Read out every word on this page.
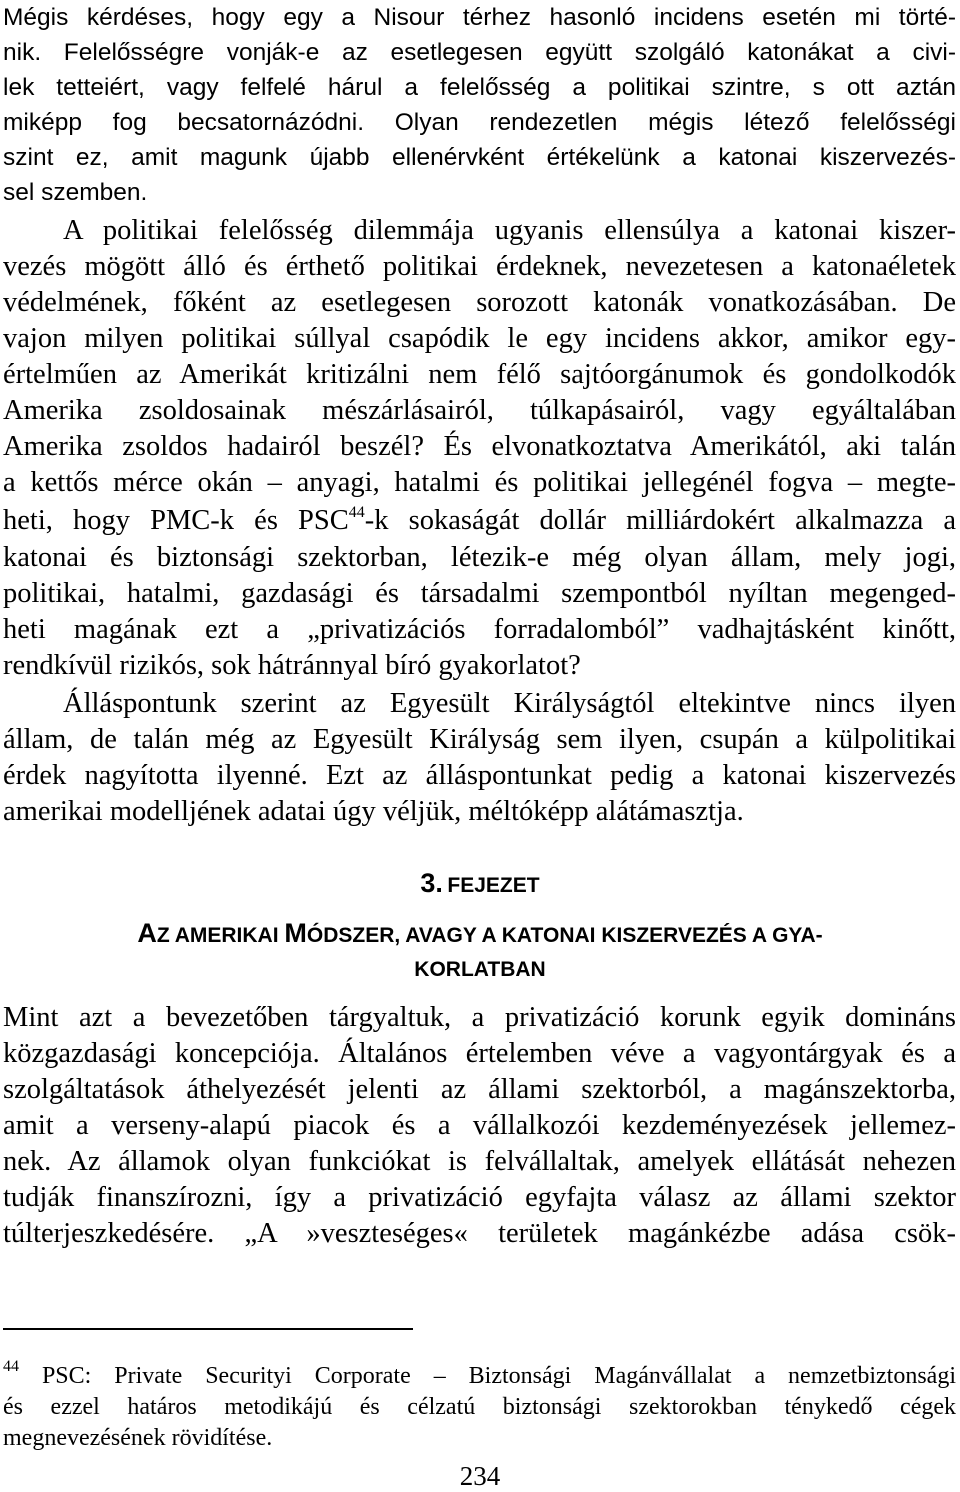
Mégis kérdéses, hogy egy a Nisour térhez hasonló incidens esetén mi törté-
nik. Felelősségre vonják-e az esetlegesen együtt szolgáló katonákat a civi-
lek tetteiért, vagy felfelé hárul a felelősség a politikai szintre, s ott aztán
miképp fog becsatornázódni. Olyan rendezetlen mégis létező felelősségi
szint ez, amit magunk újabb ellenérvként értékelünk a katonai kiszervezés-
sel szemben.
A politikai felelősség dilemmája ugyanis ellensúlya a katonai kiszer-
vezés mögött álló és érthető politikai érdeknek, nevezetesen a katonaéletek
védelmének, főként az esetlegesen sorozott katonák vonatkozásában. De
vajon milyen politikai súllyal csapódik le egy incidens akkor, amikor egy-
értelműen az Amerikát kritizálni nem félő sajtóorgánumok és gondolkodók
Amerika zsoldosainak mészárlásairól, túlkapásairól, vagy egyáltalában
Amerika zsoldos hadairól beszél? És elvonatkoztatva Amerikától, aki talán
a kettős mérce okán – anyagi, hatalmi és politikai jellegénél fogva – megte-
heti, hogy PMC-k és PSC$^{44}$-k sokaságát dollár milliárdokért alkalmazza a
katonai és biztonsági szektorban, létezik-e még olyan állam, mely jogi,
politikai, hatalmi, gazdasági és társadalmi szempontból nyíltan megenged-
heti magának ezt a „privatizációs forradalomból” vadhajtásként kinőtt,
rendkívül rizikós, sok hátránnyal bíró gyakorlatot?
Álláspontunk szerint az Egyesült Királyságtól eltekintve nincs ilyen
állam, de talán még az Egyesült Királyság sem ilyen, csupán a külpolitikai
érdek nagyította ilyenné. Ezt az álláspontunkat pedig a katonai kiszervezés
amerikai modelljének adatai úgy véljük, méltóképp alátámasztja.
3. FEJEZET
AZ AMERIKAI MÓDSZER, AVAGY A KATONAI KISZERVEZÉS A GYA-
KORLATBAN
Mint azt a bevezetőben tárgyaltuk, a privatizáció korunk egyik domináns
közgazdasági koncepciója. Általános értelemben véve a vagyontárgyak és a
szolgáltatások áthelyezését jelenti az állami szektorból, a magánszektorba,
amit a verseny-alapú piacok és a vállalkozói kezdeményezések jellemez-
nek. Az államok olyan funkciókat is felvállaltak, amelyek ellátását nehezen
tudják finanszírozni, így a privatizáció egyfajta válasz az állami szektor
túlterjeszkedésére. „A »veszteséges« területek magánkézbe adása csök-
$^{44}$ PSC: Private Securityi Corporate – Biztonsági Magánvállalat a nemzetbiztonsági
és ezzel határos metodikájú és célzatú biztonsági szektorokban ténykedő cégek
megnevezésének rövidítése.
234
